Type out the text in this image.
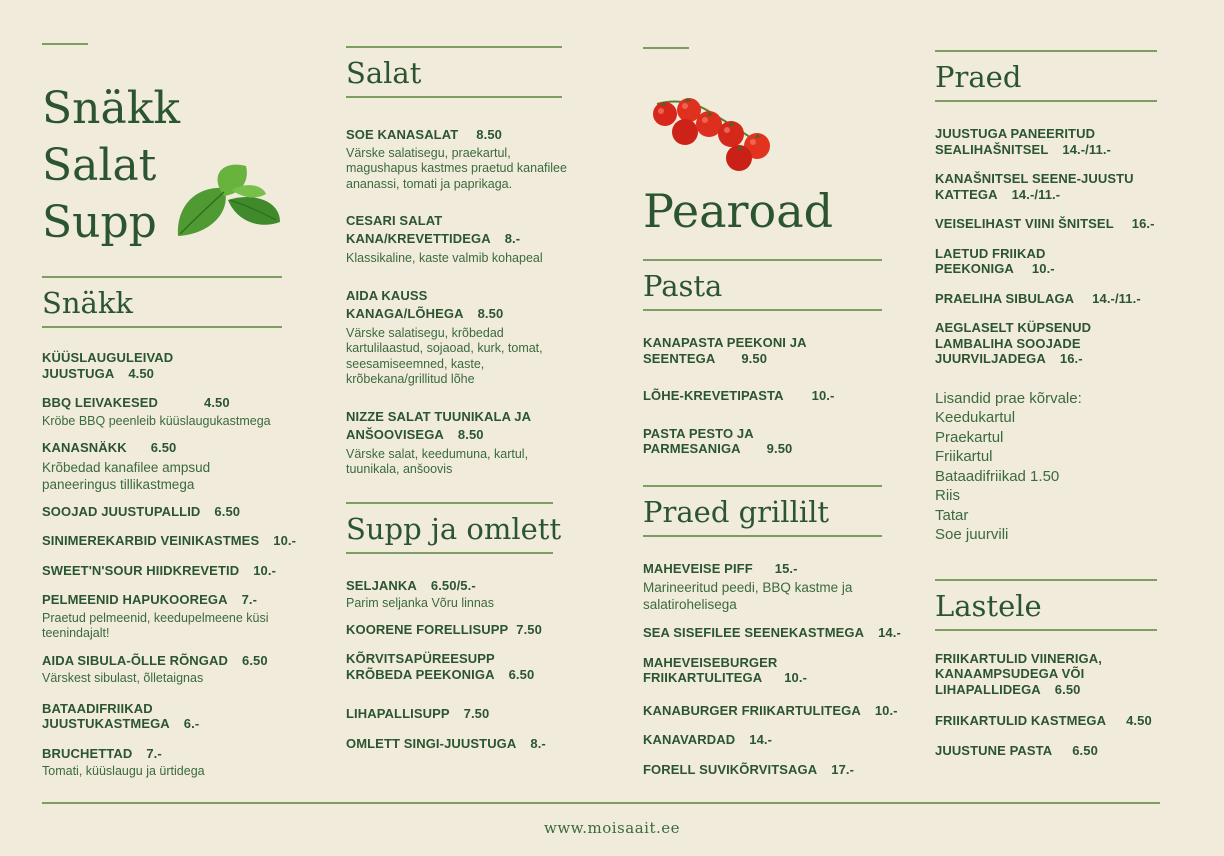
Snäkk
Salat
Supp
Snäkk
KÜÜSLAUGULEIVAD JUUSTUGA 4.50
BBQ LEIVAKESED	4.50
Kröbe BBQ peenleib küüslaugukastmega
KANASNÄKK 6.50
Krõbedad kanafilee ampsud paneeringus tillikastmega
SOOJAD JUUSTUPALLID 6.50
SINIMEREKARBID VEINIKASTMES 10.-
SWEET'N'SOUR HIIDKREVETID 10.-
PELMEENID HAPUKOOREGA 7.-
Praetud pelmeenid, keedupelmeene küsi teenindajalt!
AIDA SIBULA-ÕLLE RÕNGAD 6.50
Värskest sibulast, õlletaignas
BATAADIFRIIKAD JUUSTUKASTMEGA 6.-
BRUCHETTAD 7.-
Tomati, küüslaugu ja ürtidega
Salat
SOE KANASALAT 8.50
Värske salatisegu, praekartul, magushapus kastmes praetud kanafilee ananassi, tomati ja paprikaga.
CESARI SALAT KANA/KREVETTIDEGA 8.-
Klassikaline, kaste valmib kohapeal
AIDA KAUSS KANAGA/LÕHEGA 8.50
Värske salatisegu, krõbedad kartulilaastud, sojaoad, kurk, tomat, seesamiseemned, kaste, krõbekana/grillitud lõhe
NIZZE SALAT TUUNIKALA JA ANŠOOVISEGA 8.50
Värske salat, keedumuna, kartul, tuunikala, anšoovis
Supp ja omlett
SELJANKA 6.50/5.-
Parim seljanka Võru linnas
KOORENE FORELLISUPP 7.50
KÕRVITSAPÜREESUPP KRÕBEDA PEEKONIGA 6.50
LIHAPALLISUPP 7.50
OMLETT SINGI-JUUSTUGA 8.-
Pearoad
Pasta
KANAPASTA PEEKONI JA SEENTEGA 9.50
LÕHE-KREVETIPASTA 10.-
PASTA PESTO JA PARMESANIGA 9.50
Praed grillilt
MAHEVEISE PIFF 15.-
Marineeritud peedi, BBQ kastme ja salatirohelisega
SEA SISEFILEE SEENEKASTMEGA 14.-
MAHEVEISEBURGER FRIIKARTULITEGA 10.-
KANABURGER FRIIKARTULITEGA 10.-
KANAVARDAD 14.-
FORELL SUVIKÕRVITSAGA 17.-
Praed
JUUSTUGA PANEERITUD SEALIHAŠNITSEL 14.-/11.-
KANAŠNITSEL SEENE-JUUSTU KATTEGA 14.-/11.-
VEISELIHAST VIINI ŠNITSEL 16.-
LAETUD FRIIKAD PEEKONIGA 10.-
PRAELIHA SIBULAGA 14.-/11.-
AEGLASELT KÜPSENUD LAMBALIHA SOOJADE JUURVILJADEGA 16.-
Lisandid prae kõrvale:
Keedukartul
Praekartul
Friikartul
Bataadifriikad 1.50
Riis
Tatar
Soe juurvili
Lastele
FRIIKARTULID VIINERIGA, KANAAMPSUDEGA VÕI LIHAPALLIDEGA 6.50
FRIIKARTULID KASTMEGA 4.50
JUUSTUNE PASTA 6.50
www.moisaait.ee
